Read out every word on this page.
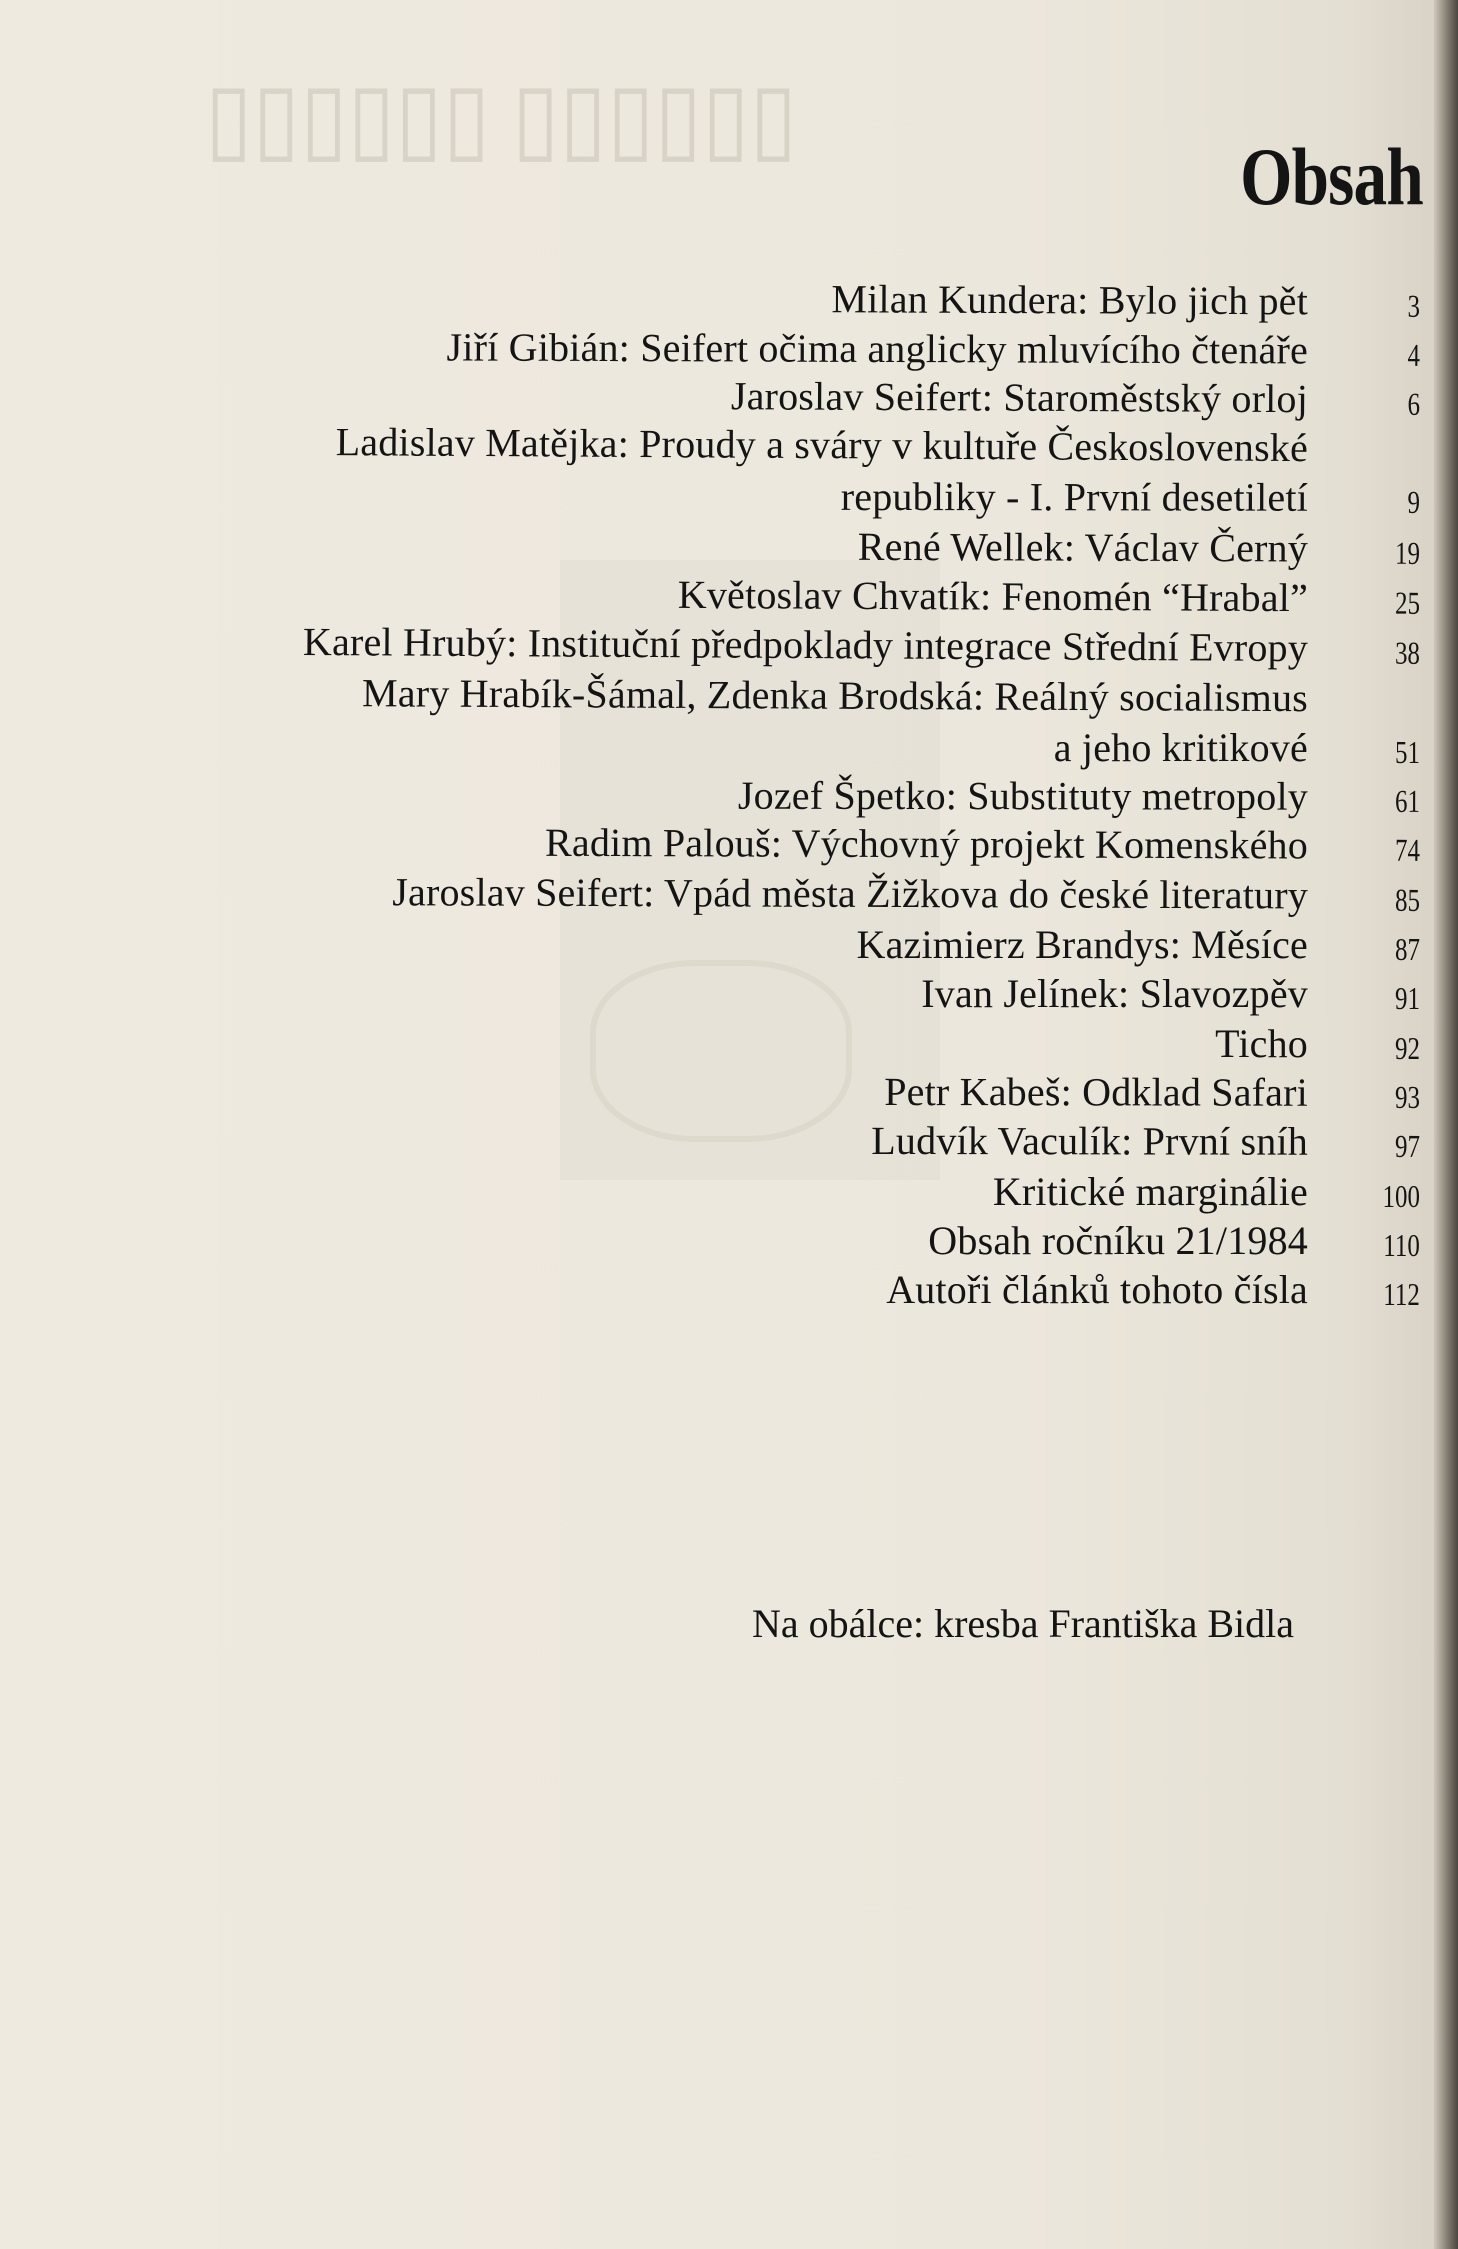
▯▯▯▯▯▯ ▯▯▯▯▯▯
Obsah
Milan Kundera: Bylo jich pět	3
Jiří Gibián: Seifert očima anglicky mluvícího čtenáře	4
Jaroslav Seifert: Staroměstský orloj	6
Ladislav Matějka: Proudy a sváry v kultuře Československé
republiky - I. První desetiletí	9
René Wellek: Václav Černý	19
Květoslav Chvatík: Fenomén “Hrabal”	25
Karel Hrubý: Instituční předpoklady integrace Střední Evropy	38
Mary Hrabík-Šámal, Zdenka Brodská: Reálný socialismus
a jeho kritikové	51
Jozef Špetko: Substituty metropoly	61
Radim Palouš: Výchovný projekt Komenského	74
Jaroslav Seifert: Vpád města Žižkova do české literatury	85
Kazimierz Brandys: Měsíce	87
Ivan Jelínek: Slavozpěv	91
Ticho	92
Petr Kabeš: Odklad Safari	93
Ludvík Vaculík: První sníh	97
Kritické marginálie 100
Obsah ročníku 21/1984 110
Autoři článků tohoto čísla 112
Na obálce: kresba Františka Bidla
